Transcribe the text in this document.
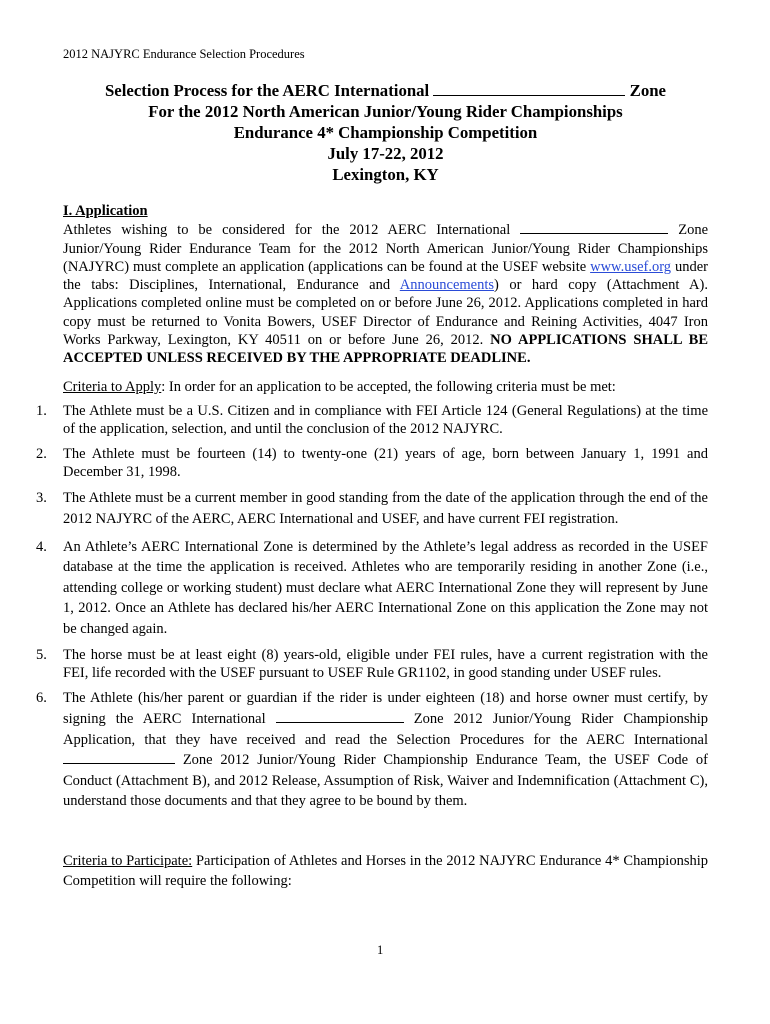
2012 NAJYRC Endurance Selection Procedures
Selection Process for the AERC International	Zone
For the 2012 North American Junior/Young Rider Championships
Endurance 4* Championship Competition
July 17-22, 2012
Lexington, KY
I. Application
Athletes wishing to be considered for the 2012 AERC International	Zone Junior/Young Rider Endurance Team for the 2012 North American Junior/Young Rider Championships (NAJYRC) must complete an application (applications can be found at the USEF website www.usef.org under the tabs: Disciplines, International, Endurance and Announcements) or hard copy (Attachment A). Applications completed online must be completed on or before June 26, 2012. Applications completed in hard copy must be returned to Vonita Bowers, USEF Director of Endurance and Reining Activities, 4047 Iron Works Parkway, Lexington, KY 40511 on or before June 26, 2012. NO APPLICATIONS SHALL BE ACCEPTED UNLESS RECEIVED BY THE APPROPRIATE DEADLINE.
Criteria to Apply: In order for an application to be accepted, the following criteria must be met:
1. The Athlete must be a U.S. Citizen and in compliance with FEI Article 124 (General Regulations) at the time of the application, selection, and until the conclusion of the 2012 NAJYRC.
2. The Athlete must be fourteen (14) to twenty-one (21) years of age, born between January 1, 1991 and December 31, 1998.
3. The Athlete must be a current member in good standing from the date of the application through the end of the 2012 NAJYRC of the AERC, AERC International and USEF, and have current FEI registration.
4. An Athlete’s AERC International Zone is determined by the Athlete’s legal address as recorded in the USEF database at the time the application is received. Athletes who are temporarily residing in another Zone (i.e., attending college or working student) must declare what AERC International Zone they will represent by June 1, 2012. Once an Athlete has declared his/her AERC International Zone on this application the Zone may not be changed again.
5. The horse must be at least eight (8) years-old, eligible under FEI rules, have a current registration with the FEI, life recorded with the USEF pursuant to USEF Rule GR1102, in good standing under USEF rules.
6. The Athlete (his/her parent or guardian if the rider is under eighteen (18) and horse owner must certify, by signing the AERC International	Zone 2012 Junior/Young Rider Championship Application, that they have received and read the Selection Procedures for the AERC International  Zone 2012 Junior/Young Rider Championship Endurance Team, the USEF Code of Conduct (Attachment B), and 2012 Release, Assumption of Risk, Waiver and Indemnification (Attachment C), understand those documents and that they agree to be bound by them.
Criteria to Participate: Participation of Athletes and Horses in the 2012 NAJYRC Endurance 4* Championship Competition will require the following:
1
